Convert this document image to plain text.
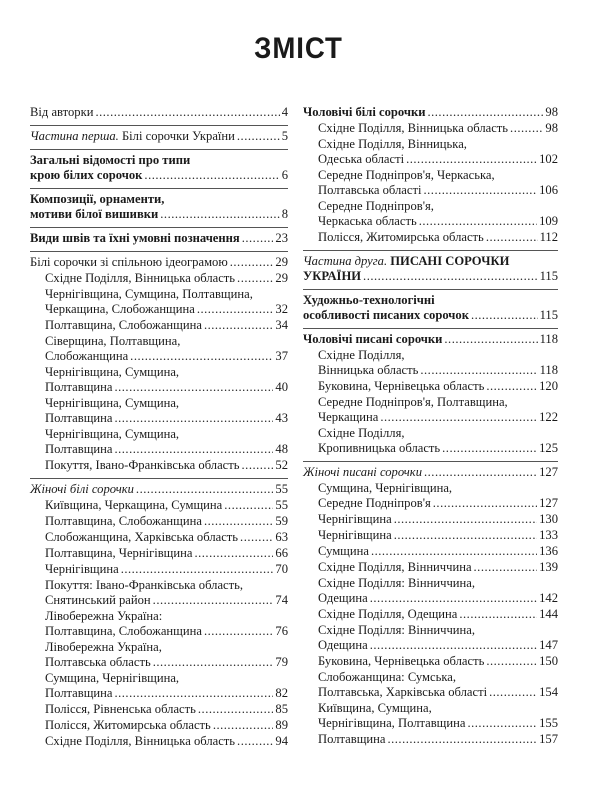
ЗМІСТ
Від авторки .....	4
Частина перша. Білі сорочки України .....	5
Загальні відомості про типи
крою білих сорочок .....	6
Композиції, орнаменти,
мотиви білої вишивки .....	8
Види швів та їхні умовні позначення .....	23
Білі сорочки зі спільною ідеограмою .....	29
Східне Поділля, Вінницька область .....	29
Чернігівщина, Сумщина, Полтавщина,
Черкащина, Слобожанщина .....	32
Полтавщина, Слобожанщина .....	34
Сіверщина, Полтавщина,
Слобожанщина .....	37
Чернігівщина, Сумщина,
Полтавщина .....	40
Чернігівщина, Сумщина,
Полтавщина .....	43
Чернігівщина, Сумщина,
Полтавщина .....	48
Покуття, Івано-Франківська область .....	52
Жіночі білі сорочки .....	55
Київщина, Черкащина, Сумщина .....	55
Полтавщина, Слобожанщина .....	59
Слобожанщина, Харківська область .....	63
Полтавщина, Чернігівщина .....	66
Чернігівщина .....	70
Покуття: Івано-Франківська область,
Снятинський район .....	74
Лівобережна Україна:
Полтавщина, Слобожанщина .....	76
Лівобережна Україна,
Полтавська область .....	79
Сумщина, Чернігівщина,
Полтавщина .....	82
Полісся, Рівненська область .....	85
Полісся, Житомирська область .....	89
Східне Поділля, Вінницька область .....	94
Чоловічі білі сорочки .....	98
Східне Поділля, Вінницька область .....	98
Східне Поділля, Вінницька,
Одеська області .....	102
Середне Подніпров'я, Черкаська,
Полтавська області .....	106
Середне Подніпров'я,
Черкаська область .....	109
Полісся, Житомирська область .....	112
Частина друга. ПИСАНІ СОРОЧКИ
УКРАЇНИ .....	115
Художньо-технологічні
особливості писаних сорочок .....	115
Чоловічі писані сорочки .....	118
Східне Поділля,
Вінницька область .....	118
Буковина, Чернівецька область .....	120
Середне Подніпров'я, Полтавщина,
Черкащина .....	122
Східне Поділля,
Кропивницька область .....	125
Жіночі писані сорочки .....	127
Сумщина, Чернігівщина,
Середне Подніпров'я .....	127
Чернігівщина .....	130
Чернігівщина .....	133
Сумщина .....	136
Східне Поділля, Вінниччина .....	139
Східне Поділля: Вінниччина,
Одещина .....	142
Східне Поділля, Одещина .....	144
Східне Поділля: Вінниччина,
Одещина .....	147
Буковина, Чернівецька область .....	150
Слобожанщина: Сумська,
Полтавська, Харківська області .....	154
Київщина, Сумщина,
Чернігівщина, Полтавщина .....	155
Полтавщина .....	157
